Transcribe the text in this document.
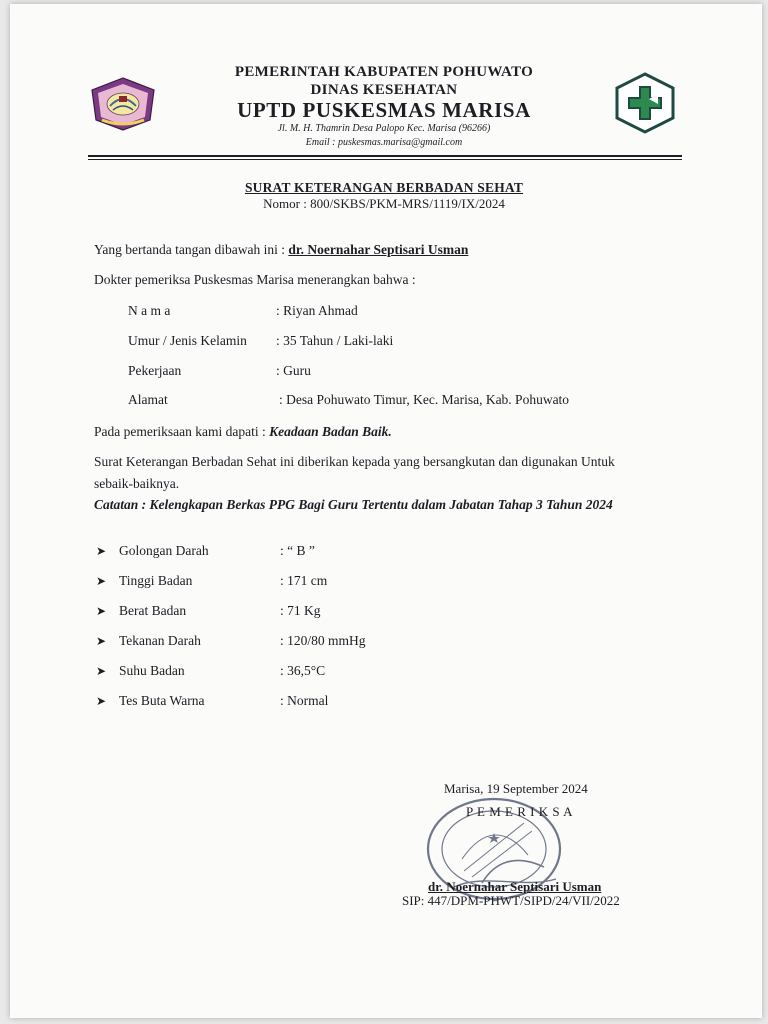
PEMERINTAH KABUPATEN POHUWATO
DINAS KESEHATAN
UPTD PUSKESMAS MARISA
Jl. M. H. Thamrin Desa Palopo Kec. Marisa (96266)
Email : puskesmas.marisa@gmail.com
SURAT KETERANGAN BERBADAN SEHAT
Nomor : 800/SKBS/PKM-MRS/1119/IX/2024
Yang bertanda tangan dibawah ini : dr. Noernahar Septisari Usman
Dokter pemeriksa Puskesmas Marisa menerangkan bahwa :
N a m a	: Riyan Ahmad
Umur / Jenis Kelamin : 35 Tahun / Laki-laki
Pekerjaan	: Guru
Alamat	: Desa Pohuwato Timur, Kec. Marisa, Kab. Pohuwato
Pada pemeriksaan kami dapati : Keadaan Badan Baik.
Surat Keterangan Berbadan Sehat ini diberikan kepada yang bersangkutan dan digunakan Untuk
sebaik-baiknya.
Catatan : Kelengkapan Berkas PPG Bagi Guru Tertentu dalam Jabatan Tahap 3 Tahun 2024
➤ Golongan Darah	: “ B ”
➤ Tinggi Badan	: 171 cm
➤ Berat Badan	: 71 Kg
➤ Tekanan Darah	: 120/80 mmHg
➤ Suhu Badan	: 36,5°C
➤ Tes Buta Warna	: Normal
Marisa, 19 September 2024
P E M E R I K S A
dr. Noernahar Septisari Usman
SIP: 447/DPM-PHWT/SIPD/24/VII/2022
